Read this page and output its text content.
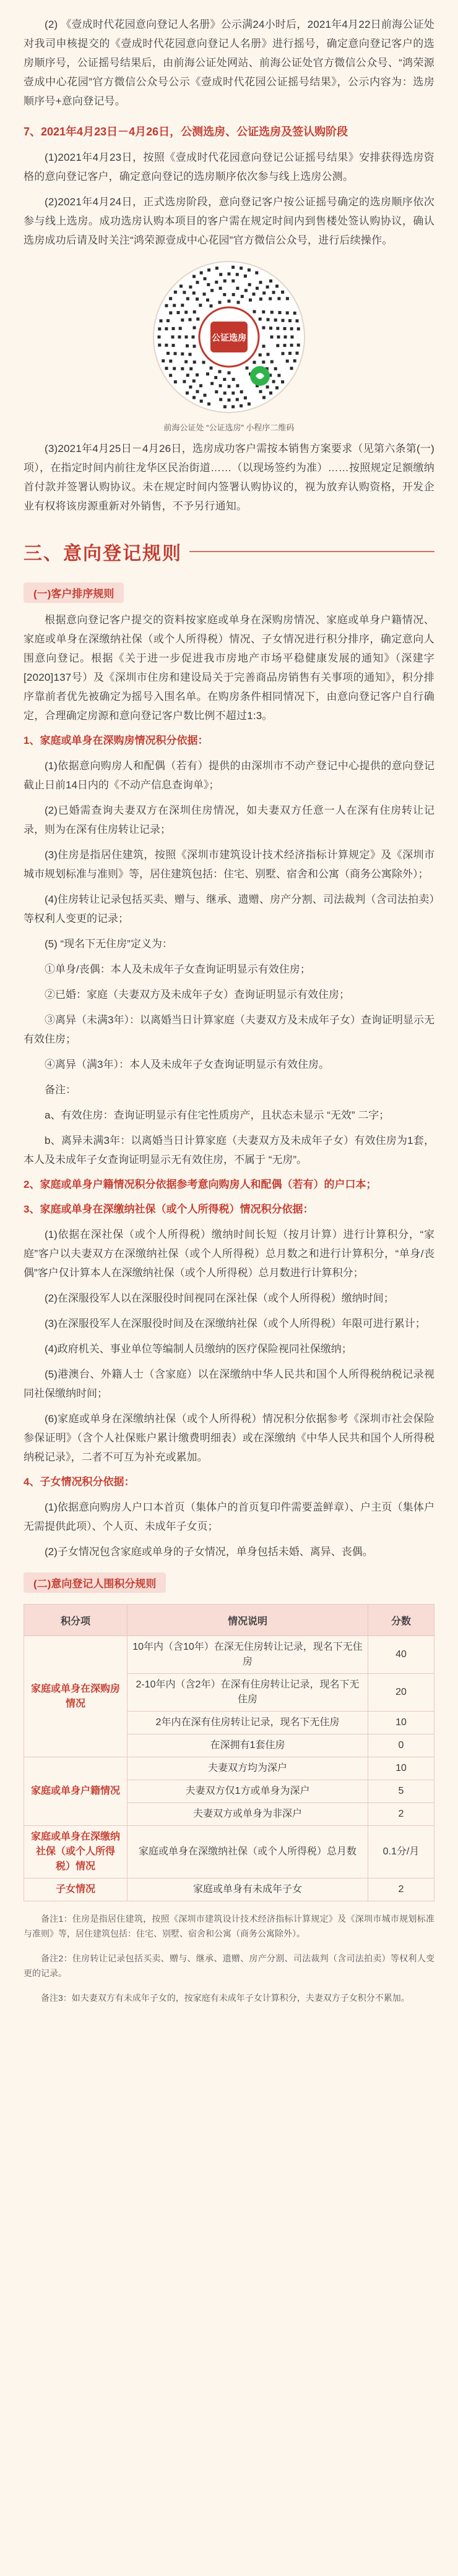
(2) 《壹成时代花园意向登记人名册》公示满24小时后，2021年4月22日前海公证处对我司申核提交的《壹成时代花园意向登记人名册》进行摇号，确定意向登记客户的选房顺序号，公证摇号结果后，由前海公证处网站、前海公证处官方微信公众号、“鸿荣源壹成中心花园”官方微信公众号公示《壹成时代花园公证摇号结果》，公示内容为：选房顺序号+意向登记号。

7、2021年4月23日－4月26日，公测选房、公证选房及签认购阶段

(1)2021年4月23日，按照《壹成时代花园意向登记公证摇号结果》安排获得选房资格的意向登记客户，确定意向登记的选房顺序依次参与线上选房公测。

(2)2021年4月24日，正式选房阶段，意向登记客户按公证摇号确定的选房顺序依次参与线上选房。成功选房认购本项目的客户需在规定时间内到售楼处签认购协议，确认选房成功后请及时关注“鸿荣源壹成中心花园”官方微信公众号，进行后续操作。

公证选房

前海公证处 “公证选房” 小程序二维码

(3)2021年4月25日－4月26日，选房成功客户需按本销售方案要求（见第六条第(一)项），在指定时间内前往龙华区民治街道……（以现场签约为准）……按照规定足额缴纳首付款并签署认购协议。未在规定时间内签署认购协议的，视为放弃认购资格，开发企业有权将该房源重新对外销售，不予另行通知。

三、意向登记规则
(一)客户排序规则

根据意向登记客户提交的资料按家庭或单身在深购房情况、家庭或单身户籍情况、家庭或单身在深缴纳社保（或个人所得税）情况、子女情况进行积分排序，确定意向人围意向登记。根据《关于进一步促进我市房地产市场平稳健康发展的通知》（深建字[2020]137号）及《深圳市住房和建设局关于完善商品房销售有关事项的通知》，积分排序靠前者优先被确定为摇号入围名单。在购房条件相同情况下，由意向登记客户自行确定，合理确定房源和意向登记客户数比例不超过1:3。

1、家庭或单身在深购房情况积分依据：

(1)依据意向购房人和配偶（若有）提供的由深圳市不动产登记中心提供的意向登记截止日前14日内的《不动产信息查询单》；

(2)已婚需查询夫妻双方在深圳住房情况，如夫妻双方任意一人在深有住房转让记录，则为在深有住房转让记录；

(3)住房是指居住建筑，按照《深圳市建筑设计技术经济指标计算规定》及《深圳市城市规划标准与准则》等，居住建筑包括：住宅、别墅、宿舍和公寓（商务公寓除外）；

(4)住房转让记录包括买卖、赠与、继承、遗赠、房产分割、司法裁判（含司法拍卖）等权利人变更的记录；

(5) “现名下无住房”定义为：

①单身/丧偶：本人及未成年子女查询证明显示有效住房；

②已婚：家庭（夫妻双方及未成年子女）查询证明显示有效住房；

③离异（未满3年）：以离婚当日计算家庭（夫妻双方及未成年子女）查询证明显示无有效住房；

④离异（满3年）：本人及未成年子女查询证明显示有效住房。

备注：

a、有效住房：查询证明显示有住宅性质房产，且状态未显示 “无效” 二字；

b、离异未满3年：以离婚当日计算家庭（夫妻双方及未成年子女）有效住房为1套，本人及未成年子女查询证明显示无有效住房，不属于 “无房”。

2、家庭或单身户籍情况积分依据参考意向购房人和配偶（若有）的户口本；

3、家庭或单身在深缴纳社保（或个人所得税）情况积分依据：

(1)依据在深社保（或个人所得税）缴纳时间长短（按月计算）进行计算积分，“家庭”客户以夫妻双方在深缴纳社保（或个人所得税）总月数之和进行计算积分，“单身/丧偶”客户仅计算本人在深缴纳社保（或个人所得税）总月数进行计算积分；

(2)在深服役军人以在深服役时间视同在深社保（或个人所得税）缴纳时间；

(3)在深服役军人在深服役时间及在深缴纳社保（或个人所得税）年限可进行累计；

(4)政府机关、事业单位等编制人员缴纳的医疗保险视同社保缴纳；

(5)港澳台、外籍人士（含家庭）以在深缴纳中华人民共和国个人所得税纳税记录视同社保缴纳时间；

(6)家庭或单身在深缴纳社保（或个人所得税）情况积分依据参考《深圳市社会保险参保证明》（含个人社保账户累计缴费明细表）或在深缴纳《中华人民共和国个人所得税纳税记录》，二者不可互为补充或累加。

4、子女情况积分依据：

(1)依据意向购房人户口本首页（集体户的首页复印件需要盖鲜章）、户主页（集体户无需提供此项）、个人页、未成年子女页；

(2)子女情况包含家庭或单身的子女情况，单身包括未婚、离异、丧偶。

(二)意向登记人围积分规则
积分项	情况说明	分数
家庭或单身在深购房情况	10年内（含10年）在深无住房转让记录，现名下无住房	40
	2-10年内（含2年）在深有住房转让记录，现名下无住房	20
	2年内在深有住房转让记录，现名下无住房	10
	在深拥有1套住房	0
家庭或单身户籍情况	夫妻双方均为深户	10
	夫妻双方仅1方或单身为深户	5
	夫妻双方或单身为非深户	2
家庭或单身在深缴纳社保（或个人所得税）情况	家庭或单身在深缴纳社保（或个人所得税）总月数	0.1分/月
子女情况	家庭或单身有未成年子女	2

备注1：住房是指居住建筑，按照《深圳市建筑设计技术经济指标计算规定》及《深圳市城市规划标准与准则》等，居住建筑包括：住宅、别墅、宿舍和公寓（商务公寓除外）。

备注2：住房转让记录包括买卖、赠与、继承、遗赠、房产分割、司法裁判（含司法拍卖）等权利人变更的记录。

备注3：如夫妻双方有未成年子女的，按家庭有未成年子女计算积分，夫妻双方子女积分不累加。
